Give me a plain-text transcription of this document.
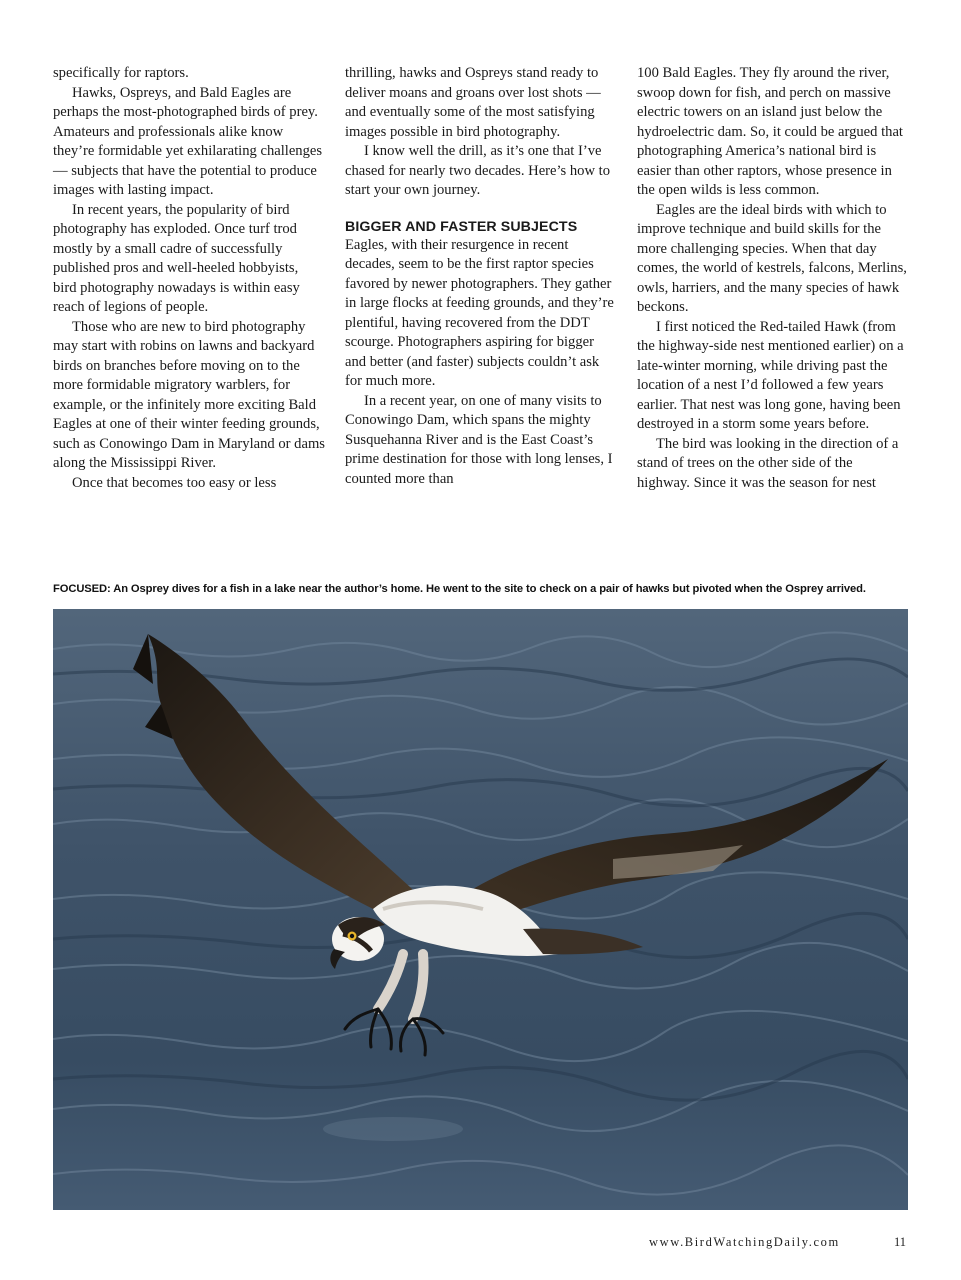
specifically for raptors.

Hawks, Ospreys, and Bald Eagles are perhaps the most-photographed birds of prey. Amateurs and professionals alike know they’re formidable yet exhilarating challenges — subjects that have the potential to produce images with lasting impact.

In recent years, the popularity of bird photography has exploded. Once turf trod mostly by a small cadre of successfully published pros and well-heeled hobbyists, bird photography nowadays is within easy reach of legions of people.

Those who are new to bird photography may start with robins on lawns and backyard birds on branches before moving on to the more formidable migratory warblers, for example, or the infinitely more exciting Bald Eagles at one of their winter feeding grounds, such as Conowingo Dam in Maryland or dams along the Mississippi River.

Once that becomes too easy or less

thrilling, hawks and Ospreys stand ready to deliver moans and groans over lost shots — and eventually some of the most satisfying images possible in bird photography.

I know well the drill, as it’s one that I’ve chased for nearly two decades. Here’s how to start your own journey.

BIGGER AND FASTER SUBJECTS

Eagles, with their resurgence in recent decades, seem to be the first raptor species favored by newer photographers. They gather in large flocks at feeding grounds, and they’re plentiful, having recovered from the DDT scourge. Photographers aspiring for bigger and better (and faster) subjects couldn’t ask for much more.

In a recent year, on one of many visits to Conowingo Dam, which spans the mighty Susquehanna River and is the East Coast’s prime destination for those with long lenses, I counted more than

100 Bald Eagles. They fly around the river, swoop down for fish, and perch on massive electric towers on an island just below the hydroelectric dam. So, it could be argued that photographing America’s national bird is easier than other raptors, whose presence in the open wilds is less common.

Eagles are the ideal birds with which to improve technique and build skills for the more challenging species. When that day comes, the world of kestrels, falcons, Merlins, owls, harriers, and the many species of hawk beckons.

I first noticed the Red-tailed Hawk (from the highway-side nest mentioned earlier) on a late-winter morning, while driving past the location of a nest I’d followed a few years earlier. That nest was long gone, having been destroyed in a storm some years before.

The bird was looking in the direction of a stand of trees on the other side of the highway. Since it was the season for nest

FOCUSED: An Osprey dives for a fish in a lake near the author’s home. He went to the site to check on a pair of hawks but pivoted when the Osprey arrived.
www.BirdWatchingDaily.com	11
